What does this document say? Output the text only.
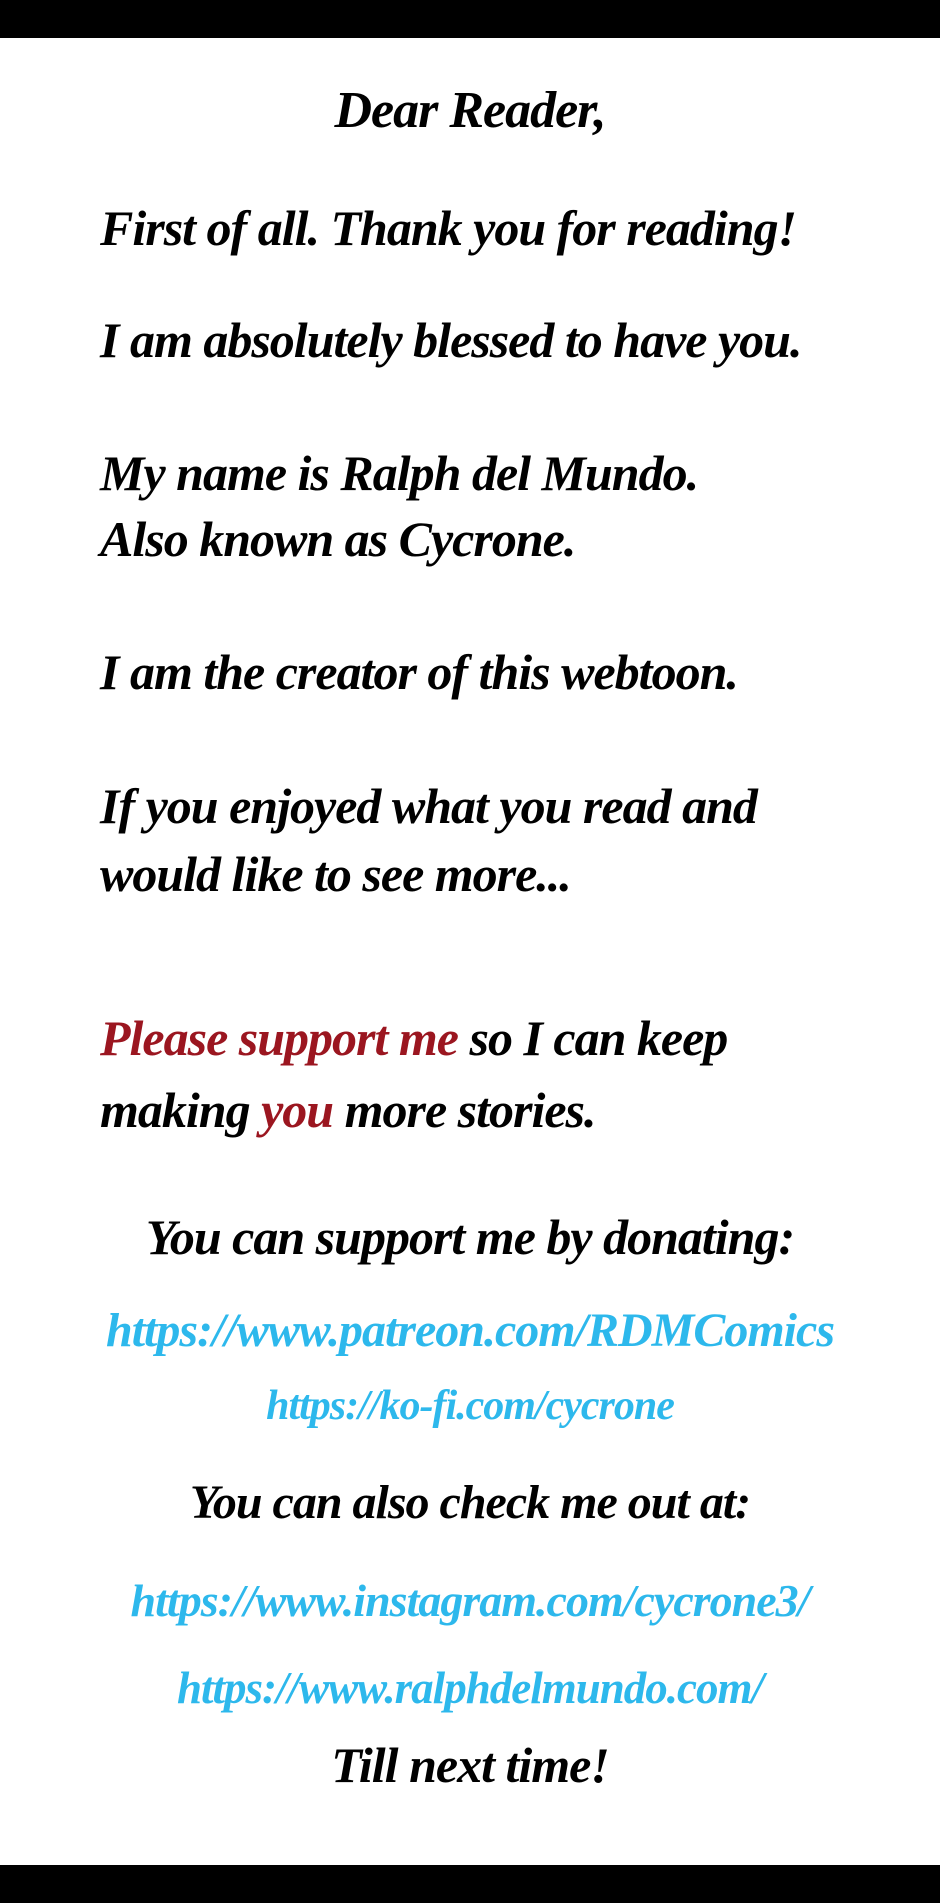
Dear Reader,
First of all. Thank you for reading!
I am absolutely blessed to have you.
My name is Ralph del Mundo.
Also known as Cycrone.
I am the creator of this webtoon.
If you enjoyed what you read and
would like to see more...
Please support me so I can keep
making you more stories.
You can support me by donating:
https://www.patreon.com/RDMComics
https://ko-fi.com/cycrone
You can also check me out at:
https://www.instagram.com/cycrone3/
https://www.ralphdelmundo.com/
Till next time!
